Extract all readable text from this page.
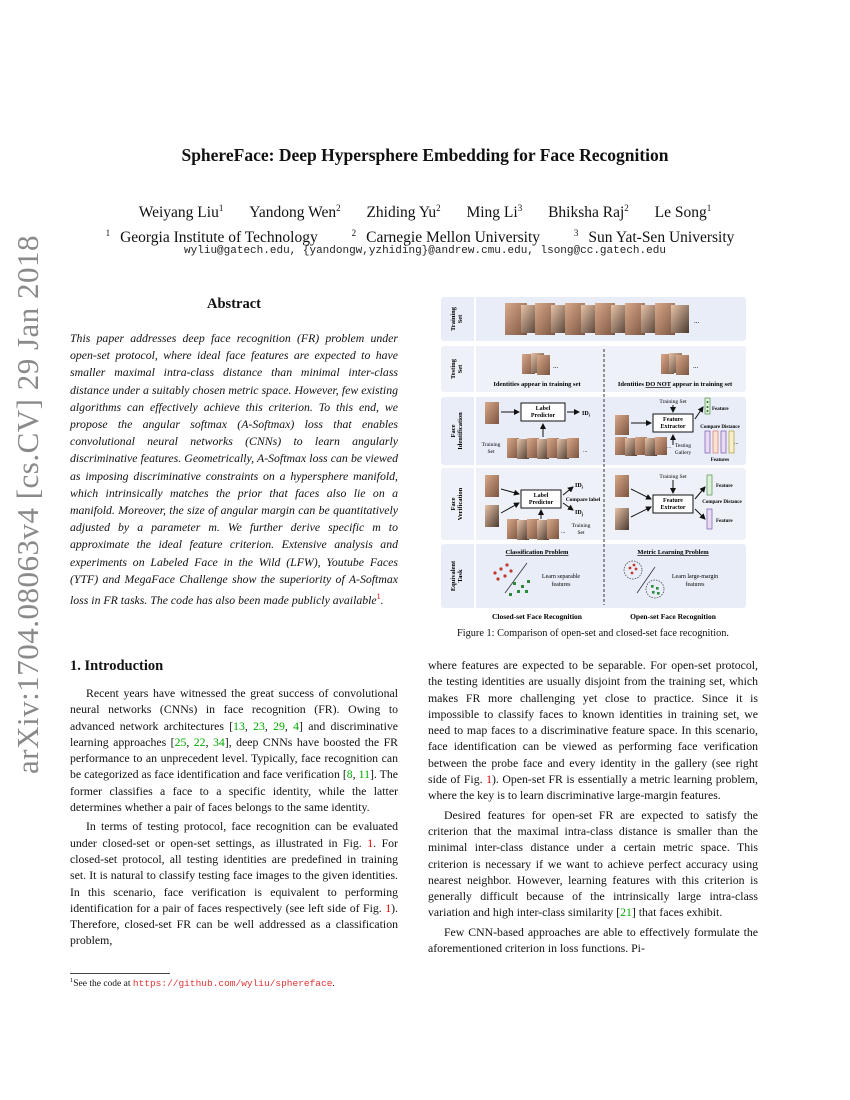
arXiv:1704.08063v4 [cs.CV] 29 Jan 2018
SphereFace: Deep Hypersphere Embedding for Face Recognition
Weiyang Liu$^1$ Yandong Wen$^2$ Zhiding Yu$^2$ Ming Li$^3$ Bhiksha Raj$^2$ Le Song$^1$
$^1$ Georgia Institute of Technology	$^2$ Carnegie Mellon University	$^3$ Sun Yat-Sen University
wyliu@gatech.edu, {yandongw,yzhiding}@andrew.cmu.edu, lsong@cc.gatech.edu
Abstract
This paper addresses deep face recognition (FR) problem under open-set protocol, where ideal face features are expected to have smaller maximal intra-class distance than minimal inter-class distance under a suitably chosen metric space. However, few existing algorithms can effectively achieve this criterion. To this end, we propose the angular softmax (A-Softmax) loss that enables convolutional neural networks (CNNs) to learn angularly discriminative features. Geometrically, A-Softmax loss can be viewed as imposing discriminative constraints on a hypersphere manifold, which intrinsically matches the prior that faces also lie on a manifold. Moreover, the size of angular margin can be quantitatively adjusted by a parameter m. We further derive specific m to approximate the ideal feature criterion. Extensive analysis and experiments on Labeled Face in the Wild (LFW), Youtube Faces (YTF) and MegaFace Challenge show the superiority of A-Softmax loss in FR tasks. The code has also been made publicly available$^1$.
1. Introduction

Recent years have witnessed the great success of convolutional neural networks (CNNs) in face recognition (FR). Owing to advanced network architectures [13, 23, 29, 4] and discriminative learning approaches [25, 22, 34], deep CNNs have boosted the FR performance to an unprecedent level. Typically, face recognition can be categorized as face identification and face verification [8, 11]. The former classifies a face to a specific identity, while the latter determines whether a pair of faces belongs to the same identity.

In terms of testing protocol, face recognition can be evaluated under closed-set or open-set settings, as illustrated in Fig. 1. For closed-set protocol, all testing identities are predefined in training set. It is natural to classify testing face images to the given identities. In this scenario, face verification is equivalent to performing identification for a pair of faces respectively (see left side of Fig. 1). Therefore, closed-set FR can be well addressed as a classification problem,

where features are expected to be separable. For open-set protocol, the testing identities are usually disjoint from the training set, which makes FR more challenging yet close to practice. Since it is impossible to classify faces to known identities in training set, we need to map faces to a discriminative feature space. In this scenario, face identification can be viewed as performing face verification between the probe face and every identity in the gallery (see right side of Fig. 1). Open-set FR is essentially a metric learning problem, where the key is to learn discriminative large-margin features.

Desired features for open-set FR are expected to satisfy the criterion that the maximal intra-class distance is smaller than the minimal inter-class distance under a certain metric space. This criterion is necessary if we want to achieve perfect accuracy using nearest neighbor. However, learning features with this criterion is generally difficult because of the intrinsically large intra-class variation and high inter-class similarity [21] that faces exhibit.

Few CNN-based approaches are able to effectively formulate the aforementioned criterion in loss functions. Pi-

$^1$See the code at https://github.com/wyliu/sphereface.
TrainingSet
TestingSet
FaceIdentification
FaceVerification
EquivalentTask
...
...
Identities appear in training set
...
Identities DO NOT appear in training set
Label
Predictor	$ID_i$
Training
Set	...
Training Set
Feature
Extractor
... Testing
Gallery
Feature
Compare Distance
...
Features
Label
Predictor
$ID_i$
$ID_j$
Compare label
...
Training
Set
Training Set
Feature
Extractor
Feature
Compare Distance
Feature
Classification Problem
Learn separable
features
Metric Learning Problem
Learn large-margin
features
Closed-set Face Recognition	Open-set Face Recognition
Figure 1: Comparison of open-set and closed-set face recognition.
